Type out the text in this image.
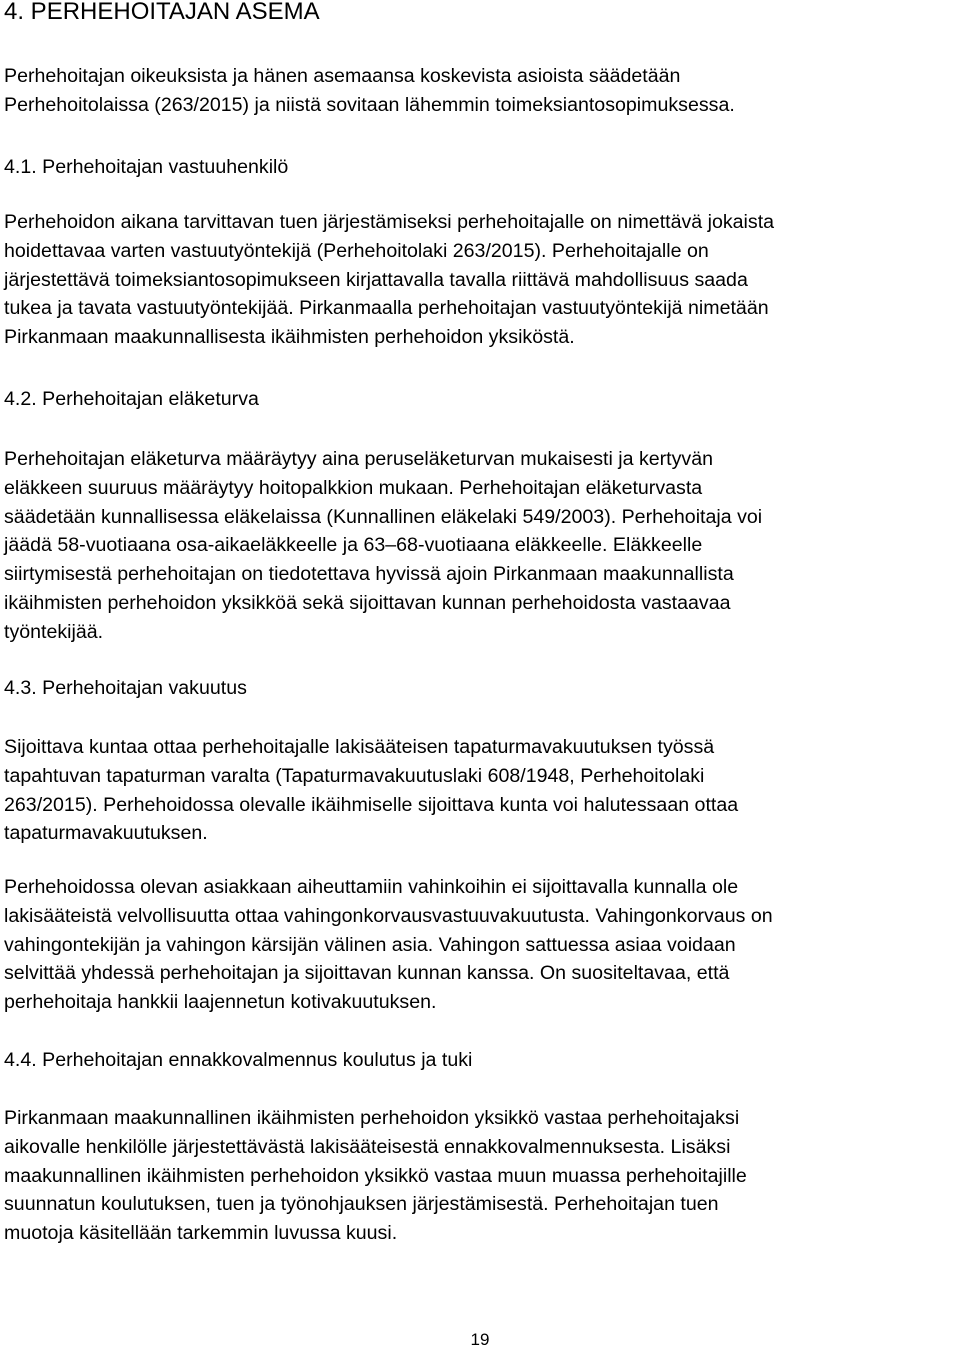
4. PERHEHOITAJAN ASEMA

Perhehoitajan oikeuksista ja hänen asemaansa koskevista asioista säädetään
Perhehoitolaissa (263/2015) ja niistä sovitaan lähemmin toimeksiantosopimuksessa.

4.1. Perhehoitajan vastuuhenkilö

Perhehoidon aikana tarvittavan tuen järjestämiseksi perhehoitajalle on nimettävä jokaista
hoidettavaa varten vastuutyöntekijä (Perhehoitolaki 263/2015). Perhehoitajalle on
järjestettävä toimeksiantosopimukseen kirjattavalla tavalla riittävä mahdollisuus saada
tukea ja tavata vastuutyöntekijää. Pirkanmaalla perhehoitajan vastuutyöntekijä nimetään
Pirkanmaan maakunnallisesta ikäihmisten perhehoidon yksiköstä.

4.2. Perhehoitajan eläketurva

Perhehoitajan eläketurva määräytyy aina peruseläketurvan mukaisesti ja kertyvän
eläkkeen suuruus määräytyy hoitopalkkion mukaan. Perhehoitajan eläketurvasta
säädetään kunnallisessa eläkelaissa (Kunnallinen eläkelaki 549/2003). Perhehoitaja voi
jäädä 58-vuotiaana osa-aikaeläkkeelle ja 63–68-vuotiaana eläkkeelle. Eläkkeelle
siirtymisestä perhehoitajan on tiedotettava hyvissä ajoin Pirkanmaan maakunnallista
ikäihmisten perhehoidon yksikköä sekä sijoittavan kunnan perhehoidosta vastaavaa
työntekijää.

4.3. Perhehoitajan vakuutus

Sijoittava kuntaa ottaa perhehoitajalle lakisääteisen tapaturmavakuutuksen työssä
tapahtuvan tapaturman varalta (Tapaturmavakuutuslaki 608/1948, Perhehoitolaki
263/2015). Perhehoidossa olevalle ikäihmiselle sijoittava kunta voi halutessaan ottaa
tapaturmavakuutuksen.

Perhehoidossa olevan asiakkaan aiheuttamiin vahinkoihin ei sijoittavalla kunnalla ole
lakisääteistä velvollisuutta ottaa vahingonkorvausvastuuvakuutusta. Vahingonkorvaus on
vahingontekijän ja vahingon kärsijän välinen asia. Vahingon sattuessa asiaa voidaan
selvittää yhdessä perhehoitajan ja sijoittavan kunnan kanssa. On suositeltavaa, että
perhehoitaja hankkii laajennetun kotivakuutuksen.

4.4. Perhehoitajan ennakkovalmennus koulutus ja tuki

Pirkanmaan maakunnallinen ikäihmisten perhehoidon yksikkö vastaa perhehoitajaksi
aikovalle henkilölle järjestettävästä lakisääteisestä ennakkovalmennuksesta. Lisäksi
maakunnallinen ikäihmisten perhehoidon yksikkö vastaa muun muassa perhehoitajille
suunnatun koulutuksen, tuen ja työnohjauksen järjestämisestä. Perhehoitajan tuen
muotoja käsitellään tarkemmin luvussa kuusi.

19
